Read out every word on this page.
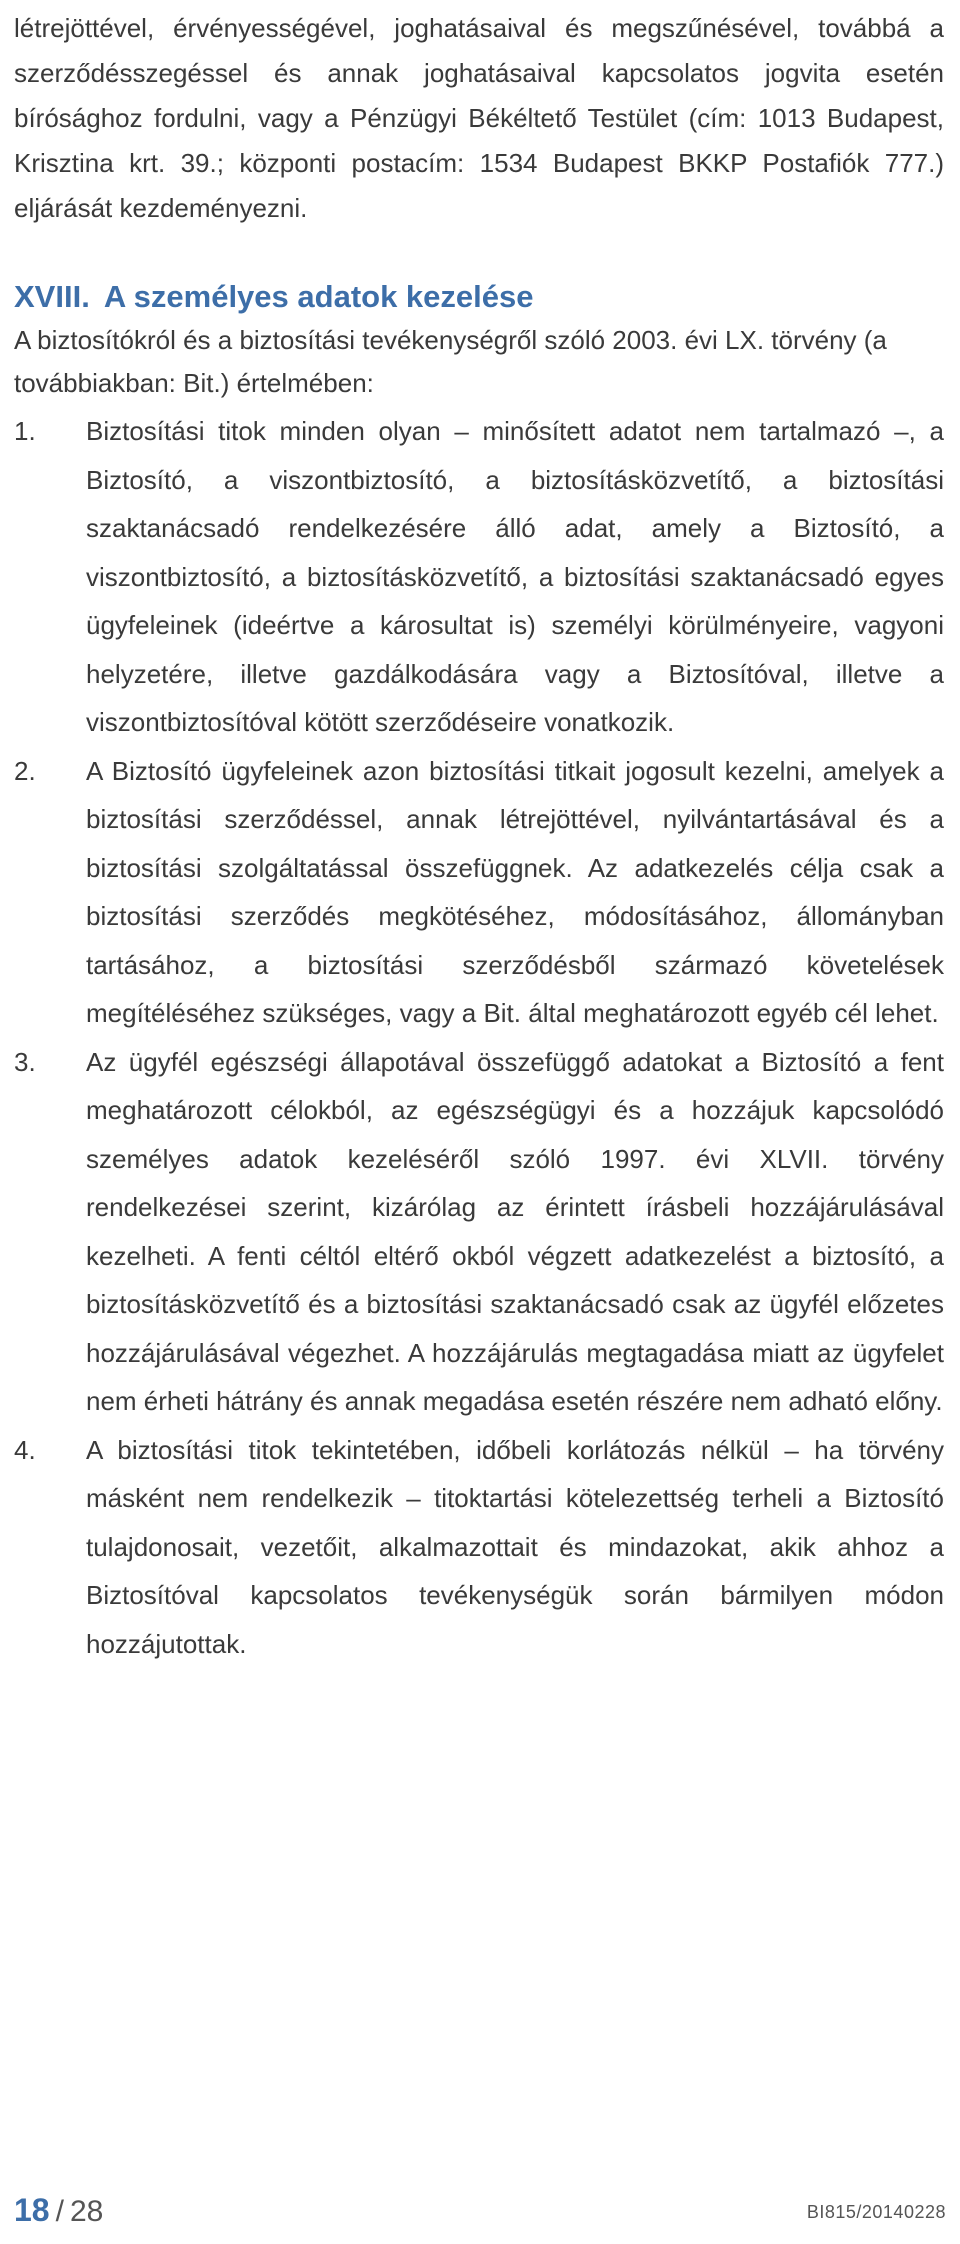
létrejöttével, érvényességével, joghatásaival és megszűnésével, továbbá a szerződésszegéssel és annak joghatásaival kapcsolatos jogvita esetén bírósághoz fordulni, vagy a Pénzügyi Békéltető Testület (cím: 1013 Budapest, Krisztina krt. 39.; központi postacím: 1534 Budapest BKKP Postafiók 777.) eljárását kezdeményezni.

XVIII. A személyes adatok kezelése

A biztosítókról és a biztosítási tevékenységről szóló 2003. évi LX. törvény (a továbbiakban: Bit.) értelmében:

1. Biztosítási titok minden olyan – minősített adatot nem tartalmazó –, a Biztosító, a viszontbiztosító, a biztosításközvetítő, a biztosítási szaktanácsadó rendelkezésére álló adat, amely a Biztosító, a viszontbiztosító, a biztosításközvetítő, a biztosítási szaktanácsadó egyes ügyfeleinek (ideértve a károsultat is) személyi körülményeire, vagyoni helyzetére, illetve gazdálkodására vagy a Biztosítóval, illetve a viszontbiztosítóval kötött szerződéseire vonatkozik.
2. A Biztosító ügyfeleinek azon biztosítási titkait jogosult kezelni, amelyek a biztosítási szerződéssel, annak létrejöttével, nyilvántartásával és a biztosítási szolgáltatással összefüggnek. Az adatkezelés célja csak a biztosítási szerződés megkötéséhez, módosításához, állományban tartásához, a biztosítási szerződésből származó követelések megítéléséhez szükséges, vagy a Bit. által meghatározott egyéb cél lehet.
3. Az ügyfél egészségi állapotával összefüggő adatokat a Biztosító a fent meghatározott célokból, az egészségügyi és a hozzájuk kapcsolódó személyes adatok kezeléséről szóló 1997. évi XLVII. törvény rendelkezései szerint, kizárólag az érintett írásbeli hozzájárulásával kezelheti. A fenti céltól eltérő okból végzett adatkezelést a biztosító, a biztosításközvetítő és a biztosítási szaktanácsadó csak az ügyfél előzetes hozzájárulásával végezhet. A hozzájárulás megtagadása miatt az ügyfelet nem érheti hátrány és annak megadása esetén részére nem adható előny.
4. A biztosítási titok tekintetében, időbeli korlátozás nélkül – ha törvény másként nem rendelkezik – titoktartási kötelezettség terheli a Biztosító tulajdonosait, vezetőit, alkalmazottait és mindazokat, akik ahhoz a Biztosítóval kapcsolatos tevékenységük során bármilyen módon hozzájutottak.
18 / 28	BI815/20140228
